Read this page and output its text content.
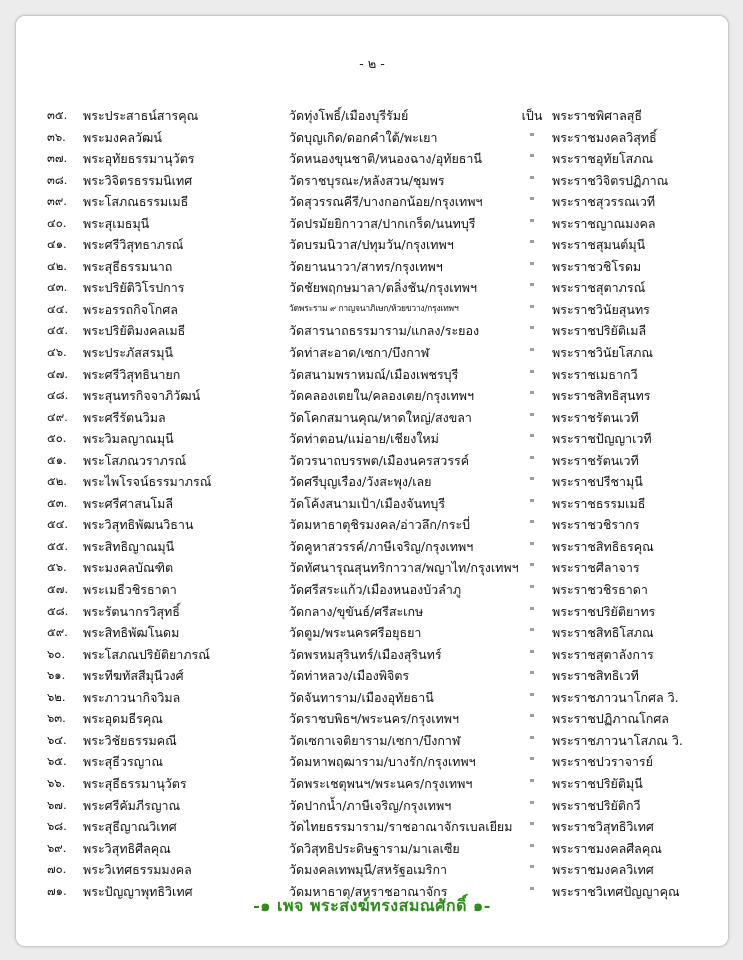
- ๒ -
๓๕.	พระประสาธน์สารคุณ	วัดทุ่งโพธิ์/เมืองบุรีรัมย์	เป็น พระราชพิศาลสุธี
๓๖.	พระมงคลวัฒน์	วัดบุญเกิด/ดอกคำใต้/พะเยา	"	พระราชมงคลวิสุทธิ์
๓๗.	พระอุทัยธรรมานุวัตร	วัดหนองขุนชาติ/หนองฉาง/อุทัยธานี	"	พระราชอุทัยโสภณ
๓๘.	พระวิจิตรธรรมนิเทศ	วัดราชบุรณะ/หลังสวน/ชุมพร	"	พระราชวิจิตรปฏิภาณ
๓๙.	พระโสภณธรรมเมธี	วัดสุวรรณคีรี/บางกอกน้อย/กรุงเทพฯ	"	พระราชสุวรรณเวที
๔๐.	พระสุเมธมุนี	วัดปรมัยยิกาวาส/ปากเกร็ด/นนทบุรี	"	พระราชญาณมงคล
๔๑.	พระศรีวิสุทธาภรณ์	วัดบรมนิวาส/ปทุมวัน/กรุงเทพฯ	"	พระราชสุมนต์มุนี
๔๒.	พระสุธีธรรมนาถ	วัดยานนาวา/สาทร/กรุงเทพฯ	"	พระราชวชิโรดม
๔๓.	พระปริยัติวิโรปการ	วัดชัยพฤกษมาลา/ตลิ่งชัน/กรุงเทพฯ	"	พระราชสุตาภรณ์
๔๔.	พระอรรถกิจโกศล	วัดพระราม ๙ กาญจนาภิเษก/ห้วยขวาง/กรุงเทพฯ	"	พระราชวินัยสุนทร
๔๕.	พระปริยัติมงคลเมธี	วัดสารนาถธรรมาราม/แกลง/ระยอง	"	พระราชปริยัติเมลี
๔๖.	พระประภัสสรมุนี	วัดท่าสะอาด/เซกา/บึงกาฬ	"	พระราชวินัยโสภณ
๔๗.	พระศรีวิสุทธินายก	วัดสนามพราหมณ์/เมืองเพชรบุรี	"	พระราชเมธากวี
๔๘.	พระสุนทรกิจจาภิวัฒน์	วัดคลองเตยใน/คลองเตย/กรุงเทพฯ	"	พระราชสิทธิสุนทร
๔๙.	พระศรีรัตนวิมล	วัดโคกสมานคุณ/หาดใหญ่/สงขลา	"	พระราชรัตนเวที
๕๐.	พระวิมลญาณมุนี	วัดท่าตอน/แม่อาย/เชียงใหม่	"	พระราชปัญญาเวที
๕๑.	พระโสภณวราภรณ์	วัดวรนาถบรรพต/เมืองนครสวรรค์	"	พระราชรัตนเวที
๕๒.	พระไพโรจน์ธรรมาภรณ์	วัดศรีบุญเรือง/วังสะพุง/เลย	"	พระราชปรีชามุนี
๕๓.	พระศรีศาสนโมลี	วัดโค้งสนามเป้า/เมืองจันทบุรี	"	พระราชธรรมเมธี
๕๔.	พระวิสุทธิพัฒนวิธาน	วัดมหาธาตุชิรมงคล/อ่าวลึก/กระบี่	"	พระราชวชิรากร
๕๕.	พระสิทธิญาณมุนี	วัดคูหาสวรรค์/ภาษีเจริญ/กรุงเทพฯ	"	พระราชสิทธิธรคุณ
๕๖.	พระมงคลบัณฑิต	วัดทัศนารุณสุนทริกาวาส/พญาไท/กรุงเทพฯ "	พระราชศีลาจาร
๕๗.	พระเมธีวชิรธาดา	วัดศรีสระแก้ว/เมืองหนองบัวลำภู	"	พระราชวชิรธาดา
๕๘.	พระรัตนากรวิสุทธิ์	วัดกลาง/ขุขันธ์/ศรีสะเกษ	"	พระราชปริยัติยาทร
๕๙.	พระสิทธิพัฒโนดม	วัดตูม/พระนครศรีอยุธยา	"	พระราชสิทธิโสภณ
๖๐.	พระโสภณปริยัติยาภรณ์	วัดพรหมสุรินทร์/เมืองสุรินทร์	"	พระราชสุตาลังการ
๖๑.	พระทีฆทัสสีมุนีวงศ์	วัดท่าหลวง/เมืองพิจิตร	"	พระราชสิทธิเวที
๖๒.	พระภาวนากิจวิมล	วัดจันทาราม/เมืองอุทัยธานี	"	พระราชภาวนาโกศล วิ.
๖๓.	พระอุดมธีรคุณ	วัดราชบพิธฯ/พระนคร/กรุงเทพฯ	"	พระราชปฏิภาณโกศล
๖๔.	พระวิชัยธรรมคณี	วัดเซกาเจติยาราม/เซกา/บึงกาฬ	"	พระราชภาวนาโสภณ วิ.
๖๕.	พระสุธีวรญาณ	วัดมหาพฤฒาราม/บางรัก/กรุงเทพฯ	"	พระราชปวราจารย์
๖๖.	พระสุธีธรรมานุวัตร	วัดพระเชตุพนฯ/พระนคร/กรุงเทพฯ	"	พระราชปริยัติมุนี
๖๗.	พระศรีคัมภีรญาณ	วัดปากน้ำ/ภาษีเจริญ/กรุงเทพฯ	"	พระราชปริยัติกวี
๖๘.	พระสุธีญาณวิเทศ	วัดไทยธรรมาราม/ราชอาณาจักรเบลเยียม	"	พระราชวิสุทธิวิเทศ
๖๙.	พระวิสุทธิศีลคุณ	วัดวิสุทธิประดิษฐาราม/มาเลเซีย	"	พระราชมงคลศีลคุณ
๗๐.	พระวิเทศธรรมมงคล	วัดมงคลเทพมุนี/สหรัฐอเมริกา	"	พระราชมงคลวิเทศ
๗๑.	พระปัญญาพุทธิวิเทศ	วัดมหาธาตุ/สหราชอาณาจักร	"	พระราชวิเทศปัญญาคุณ
-๑ เพจ พระสงฆ์ทรงสมณศักดิ์ ๑-
